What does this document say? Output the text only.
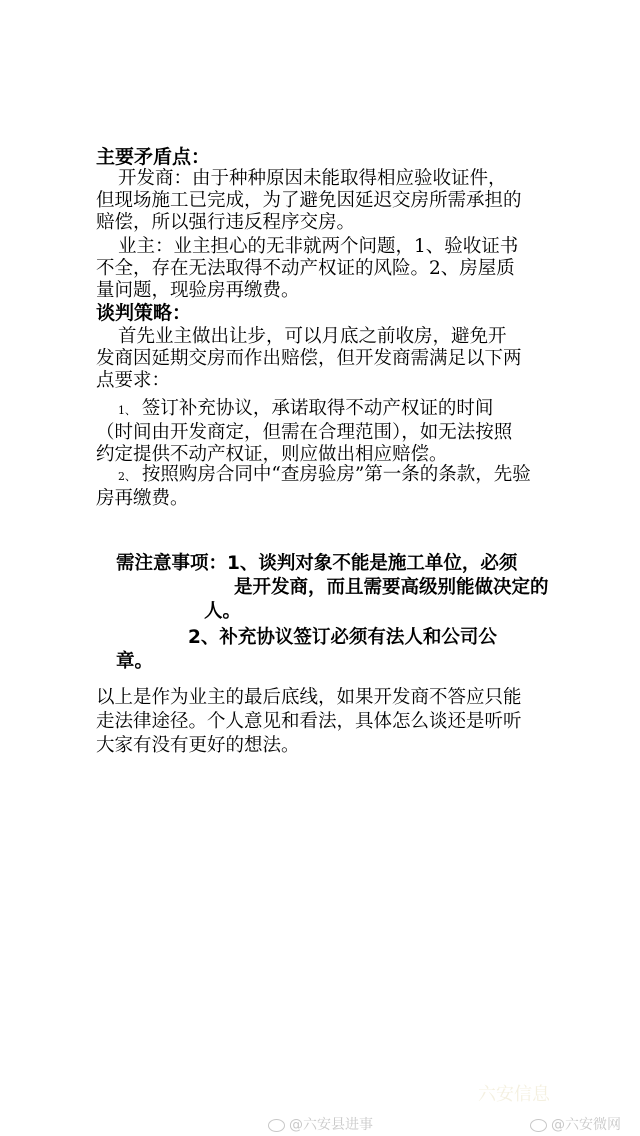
主要矛盾点：
开发商：由于种种原因未能取得相应验收证件，
但现场施工已完成，为了避免因延迟交房所需承担的
赔偿，所以强行违反程序交房。
业主：业主担心的无非就两个问题，1、验收证书
不全，存在无法取得不动产权证的风险。2、房屋质
量问题，现验房再缴费。
谈判策略：
首先业主做出让步，可以月底之前收房，避免开
发商因延期交房而作出赔偿，但开发商需满足以下两
点要求：
1、 签订补充协议，承诺取得不动产权证的时间
（时间由开发商定，但需在合理范围），如无法按照
约定提供不动产权证，则应做出相应赔偿。
2、 按照购房合同中“查房验房”第一条的条款，先验
房再缴费。
需注意事项：1、谈判对象不能是施工单位，必须
是开发商，而且需要高级别能做决定的
人。
2、补充协议签订必须有法人和公司公
章。
以上是作为业主的最后底线，如果开发商不答应只能
走法律途径。个人意见和看法，具体怎么谈还是听听
大家有没有更好的想法。
六安信息
@六安县进事	@六安微网
